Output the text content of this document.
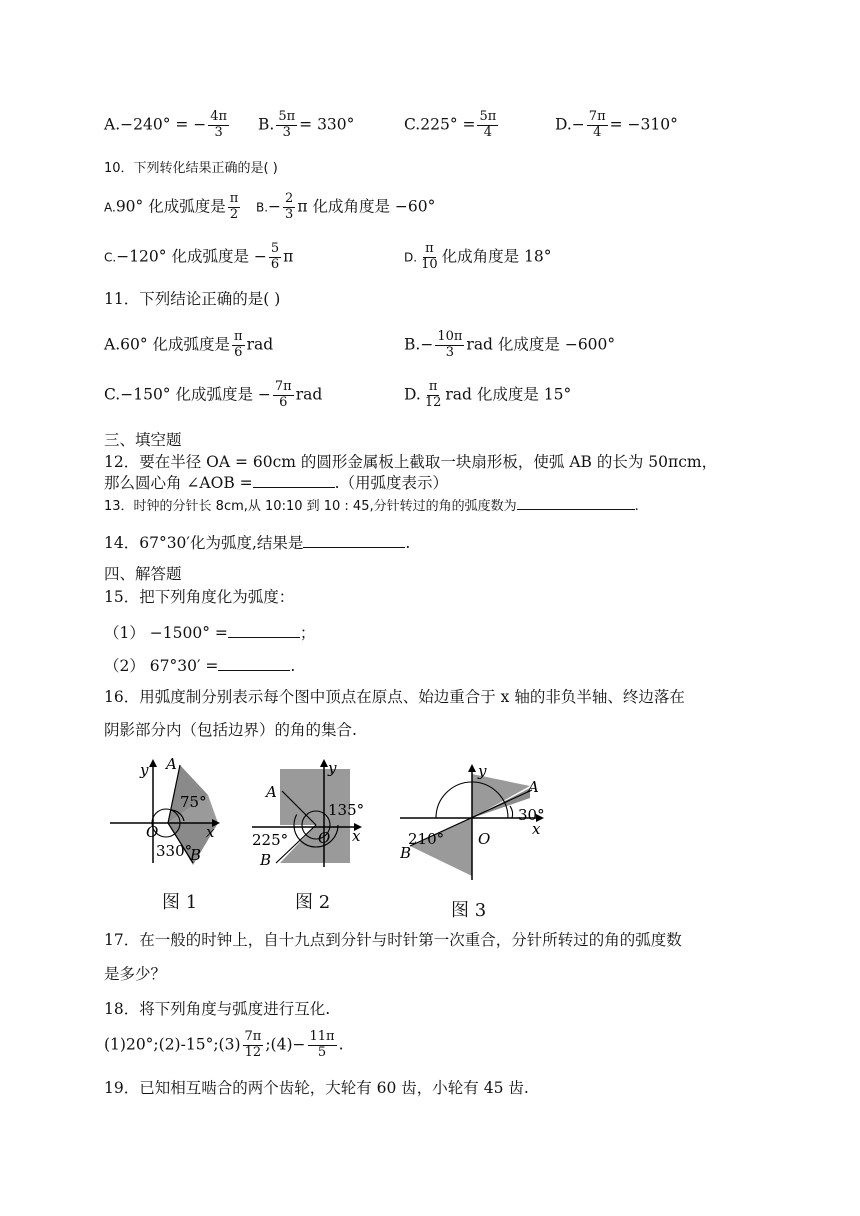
A.−240° = − $\frac{4\pi}{3} B$. $\frac{5\pi}{3} = 330^\circ$	$C.225^\circ = \frac{5\pi}{4}$	$D.- \frac{7\pi}{4} = -310^\circ$
10．下列转化结果正确的是( )
A.90° 化成弧度是 $\frac{\pi}{2} B.- \frac{2}{3}$ π 化成角度是 −60°
C.−120° 化成弧度是 − $\frac{5}{6}$ π	D. $\frac{\pi}{10}$ 化成角度是 18°
11．下列结论正确的是( )
A.60° 化成弧度是 $\frac{\pi}{6}$ rad	$B.- \frac{10\pi}{3}$ rad 化成度是 −600°
C.−150° 化成弧度是 − $\frac{7\pi}{6}$ rad	D. $\frac{\pi}{12}$ rad 化成度是 15°
三、填空题
12．要在半径 OA = 60cm 的圆形金属板上截取一块扇形板，使弧 AB 的长为 50πcm，
那么圆心角 ∠AOB =	.（用弧度表示）
13．时钟的分针长 8cm,从 10:10 到 10 : 45,分针转过的角的弧度数为	.
14．67°30′化为弧度,结果是	.
四、解答题
15．把下列角度化为弧度：
（1） −1500° =	；
（2） 67°30′ =	.
16．用弧度制分别表示每个图中顶点在原点、始边重合于 x 轴的非负半轴、终边落在
阴影部分内（包括边界）的角的集合.
y
x
O
A
B
75°
330°
图 1
y
x
O
A
B
135°
225°
图 2
y
x
O
A
B
30°
210°
图 3
17．在一般的时钟上，自十九点到分针与时针第一次重合，分针所转过的角的弧度数
是多少？
18．将下列角度与弧度进行互化.
(1)20°;(2)-15°;(3) $\frac{7\pi}{12}$ ;(4)− $\frac{11\pi}{5}$ .
19．已知相互啮合的两个齿轮，大轮有 60 齿，小轮有 45 齿.
